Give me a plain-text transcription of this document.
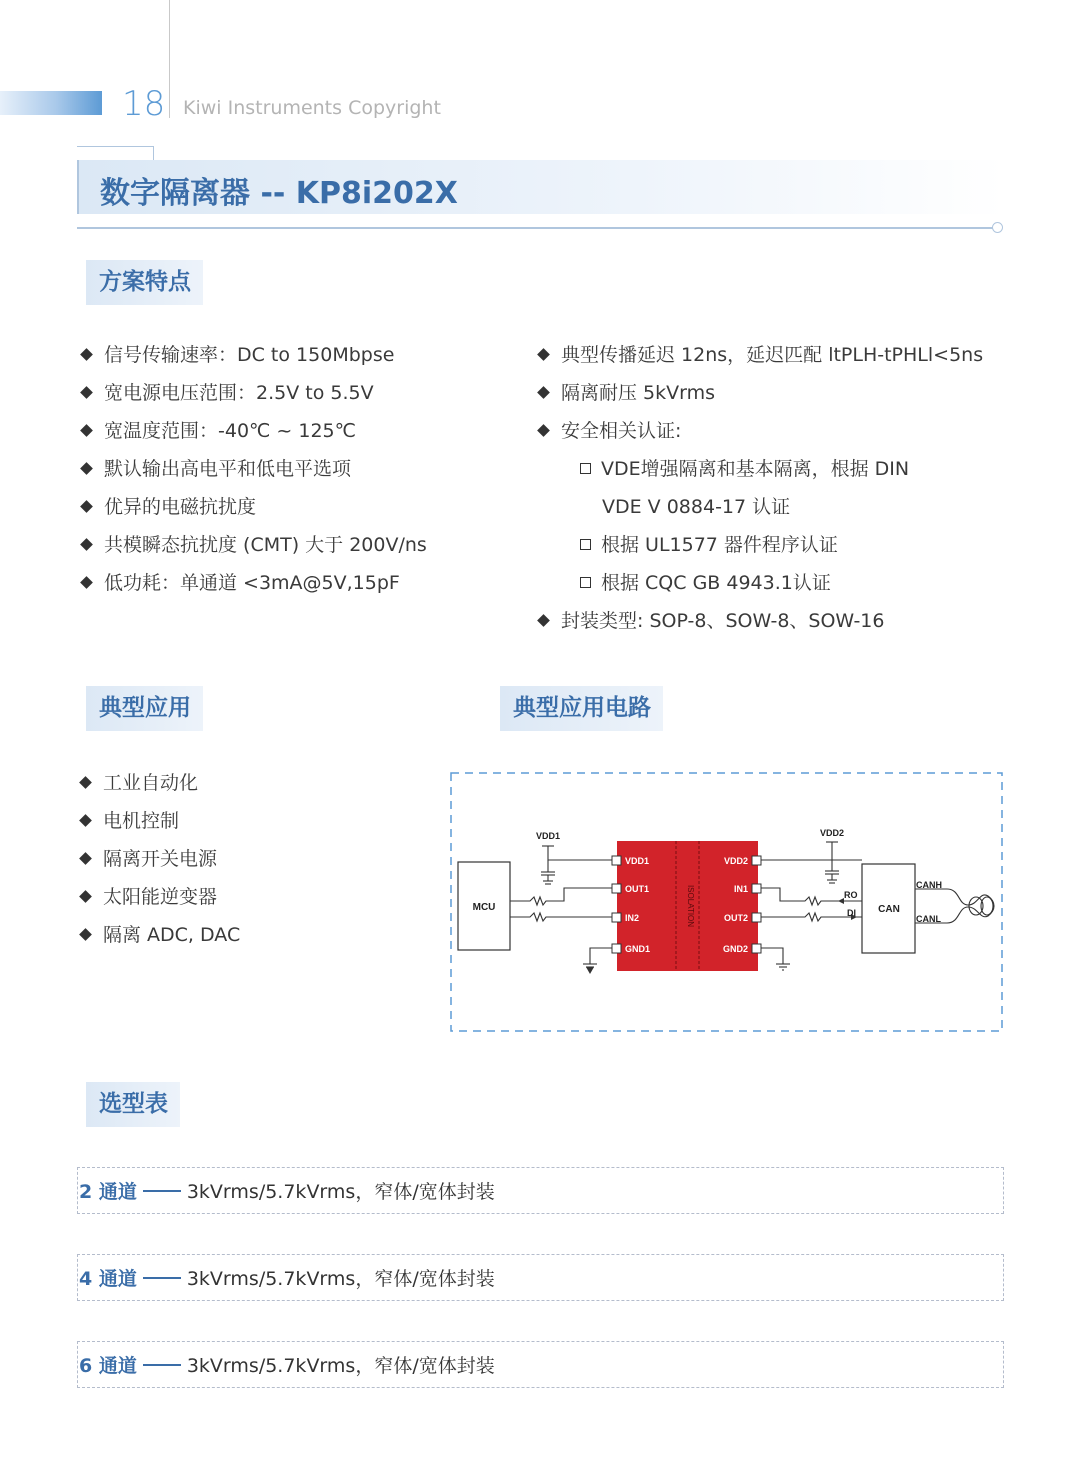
18 Kiwi Instruments Copyright
数字隔离器 -- KP8i202X
方案特点
信号传输速率：DC to 150Mbpse
宽电源电压范围：2.5V to 5.5V
宽温度范围：-40℃ ~ 125℃
默认输出高电平和低电平选项
优异的电磁抗扰度
共模瞬态抗扰度 (CMT) 大于 200V/ns
低功耗：单通道 <3mA@5V,15pF
典型传播延迟 12ns，延迟匹配 ltPLH-tPHLl<5ns
隔离耐压 5kVrms
安全相关认证:
VDE增强隔离和基本隔离，根据 DIN
VDE V 0884-17 认证
根据 UL1577 器件程序认证
根据 CQC GB 4943.1认证
封装类型: SOP-8、SOW-8、SOW-16
典型应用
工业自动化
电机控制
隔离开关电源
太阳能逆变器
隔离 ADC, DAC
典型应用电路
MCU	ISOLATION
VDD1
OUT1
IN2
GND1
VDD2
IN1
OUT2
GND2
VDD1	VDD2
RO
DI CAN
CANH
CANL
选型表
2 通道	3kVrms/5.7kVrms，窄体/宽体封装
4 通道	3kVrms/5.7kVrms，窄体/宽体封装
6 通道	3kVrms/5.7kVrms，窄体/宽体封装
